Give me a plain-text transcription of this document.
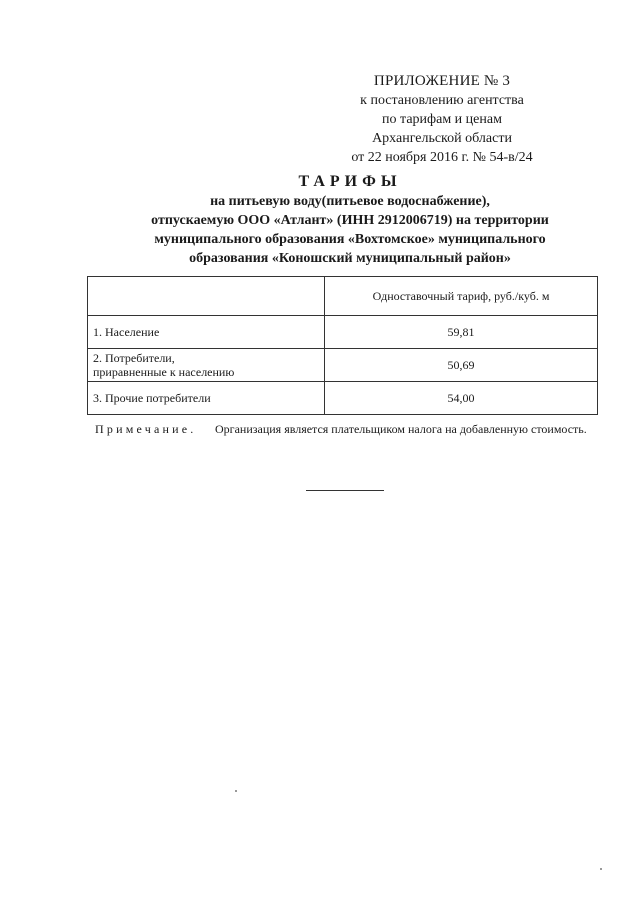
ПРИЛОЖЕНИЕ № 3
к постановлению агентства
по тарифам и ценам
Архангельской области
от 22 ноября 2016 г. № 54-в/24
ТАРИФЫ
на питьевую воду(питьевое водоснабжение),
отпускаемую ООО «Атлант» (ИНН 2912006719) на территории
муниципального образования «Вохтомское» муниципального
образования «Коношский муниципальный район»
	Одноставочный тариф, руб./куб. м

1. Население	59,81

2. Потребители,
приравненные к населению	50,69

3. Прочие потребители	54,00
Примечание. Организация является плательщиком налога на добавленную стоимость.
